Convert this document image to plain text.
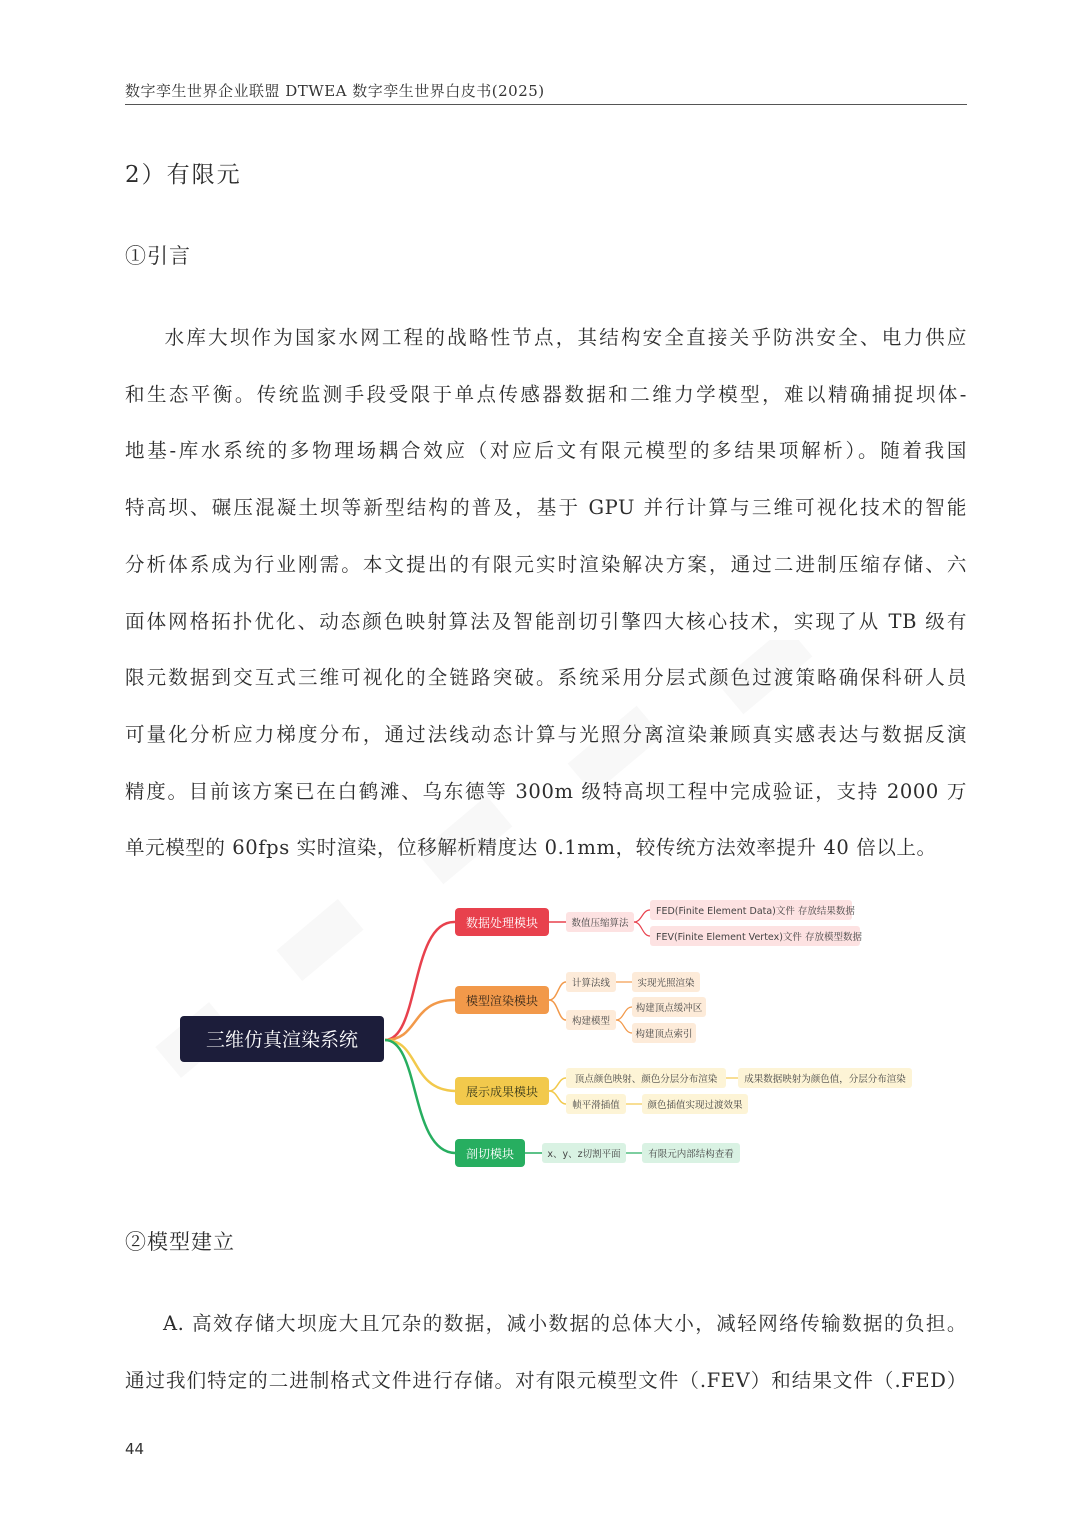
数字孪生世界企业联盟 DTWEA 数字孪生世界白皮书(2025)
2）有限元
①引言
水库大坝作为国家水网工程的战略性节点，其结构安全直接关乎防洪安全、电力供应
和生态平衡。传统监测手段受限于单点传感器数据和二维力学模型，难以精确捕捉坝体-
地基-库水系统的多物理场耦合效应（对应后文有限元模型的多结果项解析）。随着我国
特高坝、碾压混凝土坝等新型结构的普及，基于 GPU 并行计算与三维可视化技术的智能
分析体系成为行业刚需。本文提出的有限元实时渲染解决方案，通过二进制压缩存储、六
面体网格拓扑优化、动态颜色映射算法及智能剖切引擎四大核心技术，实现了从 TB 级有
限元数据到交互式三维可视化的全链路突破。系统采用分层式颜色过渡策略确保科研人员
可量化分析应力梯度分布，通过法线动态计算与光照分离渲染兼顾真实感表达与数据反演
精度。目前该方案已在白鹤滩、乌东德等 300m 级特高坝工程中完成验证，支持 2000 万
单元模型的 60fps 实时渲染，位移解析精度达 0.1mm，较传统方法效率提升 40 倍以上。
三维仿真渲染系统
数据处理模块	数值压缩算法
FED(Finite Element Data)文件 存放结果数据
FEV(Finite Element Vertex)文件 存放模型数据
模型渲染模块
计算法线	实现光照渲染
构建模型
构建顶点缓冲区
构建顶点索引
展示成果模块
顶点颜色映射、颜色分层分布渲染	成果数据映射为颜色值，分层分布渲染
帧平滑插值	颜色插值实现过渡效果
剖切模块	x、y、z切割平面	有限元内部结构查看
②模型建立
A. 高效存储大坝庞大且冗杂的数据，减小数据的总体大小，减轻网络传输数据的负担。
通过我们特定的二进制格式文件进行存储。对有限元模型文件（.FEV）和结果文件（.FED）
44
